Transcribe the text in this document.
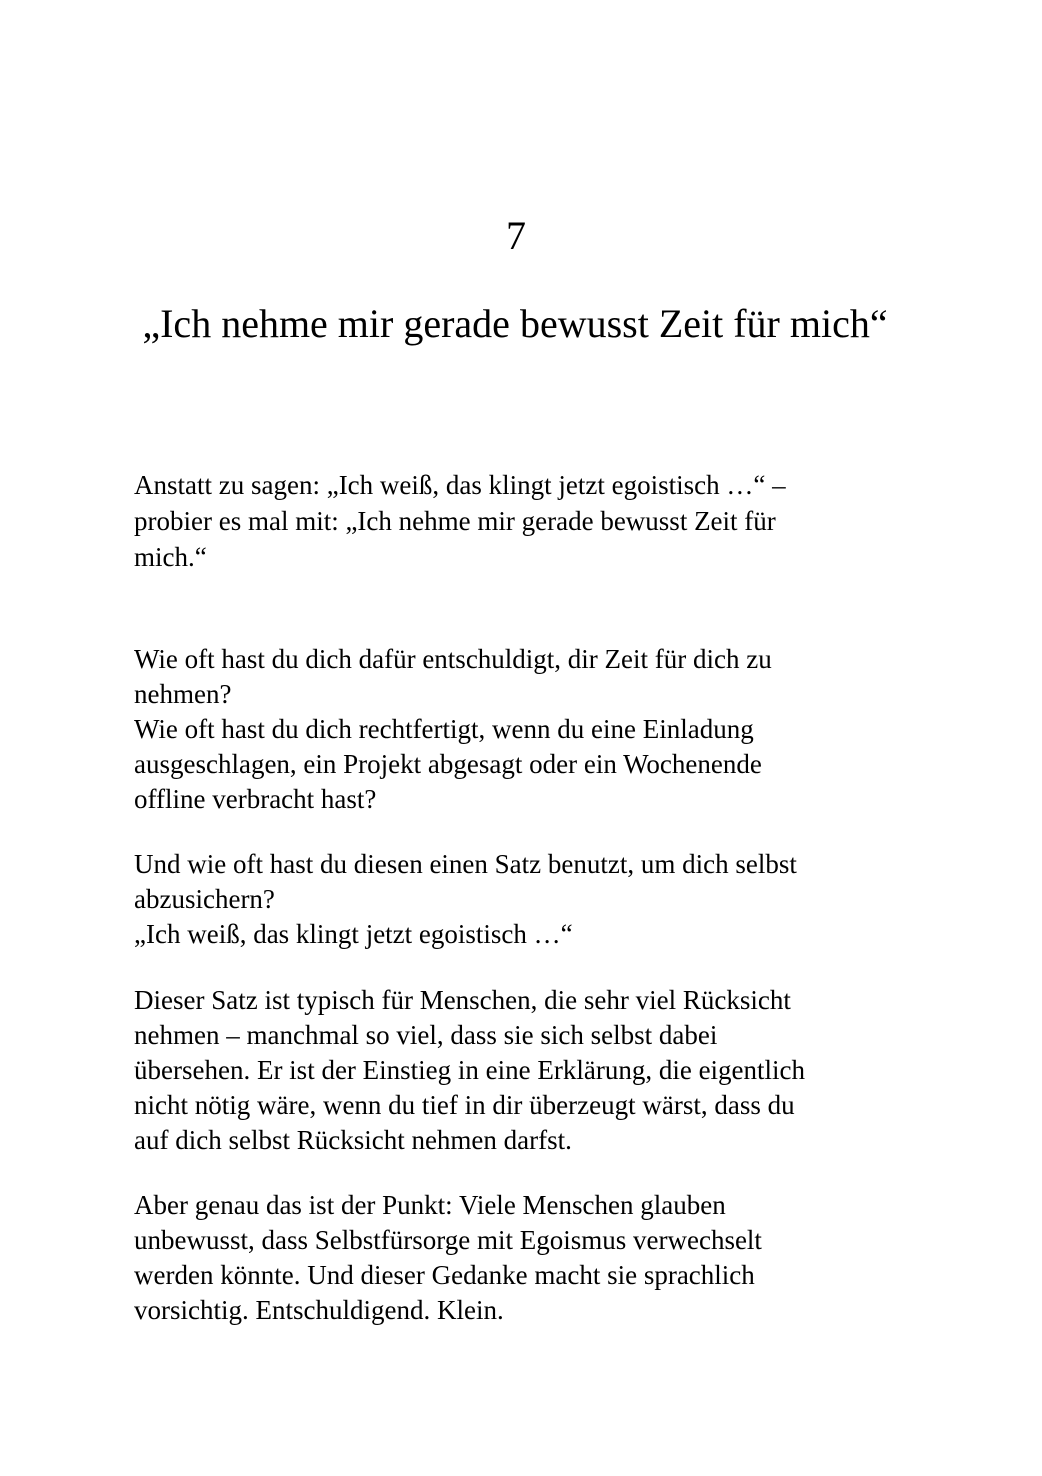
7
„Ich nehme mir gerade bewusst Zeit für mich“

Anstatt zu sagen: „Ich weiß, das klingt jetzt egoistisch …“ –
probier es mal mit: „Ich nehme mir gerade bewusst Zeit für
mich.“

Wie oft hast du dich dafür entschuldigt, dir Zeit für dich zu
nehmen?
Wie oft hast du dich rechtfertigt, wenn du eine Einladung
ausgeschlagen, ein Projekt abgesagt oder ein Wochenende
offline verbracht hast?

Und wie oft hast du diesen einen Satz benutzt, um dich selbst
abzusichern?
„Ich weiß, das klingt jetzt egoistisch …“

Dieser Satz ist typisch für Menschen, die sehr viel Rücksicht
nehmen – manchmal so viel, dass sie sich selbst dabei
übersehen. Er ist der Einstieg in eine Erklärung, die eigentlich
nicht nötig wäre, wenn du tief in dir überzeugt wärst, dass du
auf dich selbst Rücksicht nehmen darfst.

Aber genau das ist der Punkt: Viele Menschen glauben
unbewusst, dass Selbstfürsorge mit Egoismus verwechselt
werden könnte. Und dieser Gedanke macht sie sprachlich
vorsichtig. Entschuldigend. Klein.
